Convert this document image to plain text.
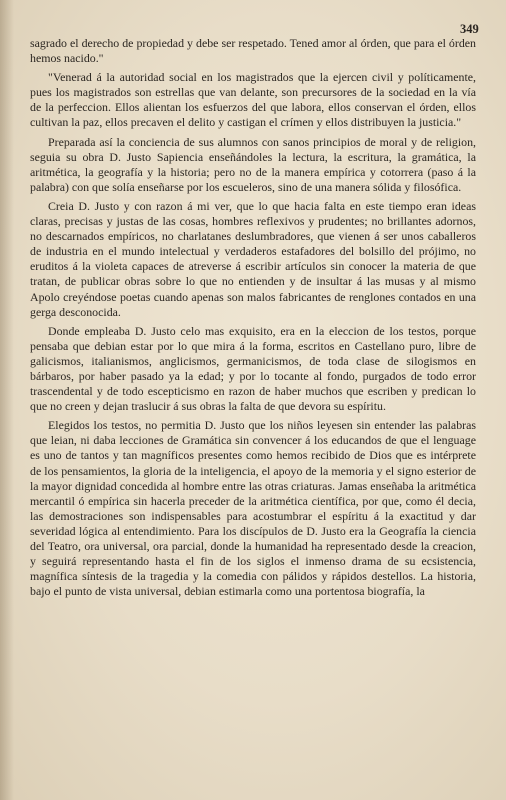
349

sagrado el derecho de propiedad y debe ser respetado. Tened amor al órden, que para el órden hemos nacido."

"Venerad á la autoridad social en los magistrados que la ejercen civil y políticamente, pues los magistrados son estrellas que van delante, son precursores de la sociedad en la vía de la perfeccion. Ellos alientan los esfuerzos del que labora, ellos conservan el órden, ellos cultivan la paz, ellos precaven el delito y castigan el crímen y ellos distribuyen la justicia."

Preparada así la conciencia de sus alumnos con sanos principios de moral y de religion, seguia su obra D. Justo Sapiencia enseñándoles la lectura, la escritura, la gramática, la aritmética, la geografía y la historia; pero no de la manera empírica y cotorrera (paso á la palabra) con que solía enseñarse por los escueleros, sino de una manera sólida y filosófica.

Creia D. Justo y con razon á mi ver, que lo que hacia falta en este tiempo eran ideas claras, precisas y justas de las cosas, hombres reflexivos y prudentes; no brillantes adornos, no descarnados empíricos, no charlatanes deslumbradores, que vienen á ser unos caballeros de industria en el mundo intelectual y verdaderos estafadores del bolsillo del prójimo, no eruditos á la violeta capaces de atreverse á escribir artículos sin conocer la materia de que tratan, de publicar obras sobre lo que no entienden y de insultar á las musas y al mismo Apolo creyéndose poetas cuando apenas son malos fabricantes de renglones contados en una gerga desconocida.

Donde empleaba D. Justo celo mas exquisito, era en la eleccion de los testos, porque pensaba que debian estar por lo que mira á la forma, escritos en Castellano puro, libre de galicismos, italianismos, anglicismos, germanicismos, de toda clase de silogismos en bárbaros, por haber pasado ya la edad; y por lo tocante al fondo, purgados de todo error trascendental y de todo escepticismo en razon de haber muchos que escriben y predican lo que no creen y dejan traslucir á sus obras la falta de que devora su espíritu.

Elegidos los testos, no permitia D. Justo que los niños leyesen sin entender las palabras que leian, ni daba lecciones de Gramática sin convencer á los educandos de que el lenguage es uno de tantos y tan magníficos presentes como hemos recibido de Dios que es intérprete de los pensamientos, la gloria de la inteligencia, el apoyo de la memoria y el signo esterior de la mayor dignidad concedida al hombre entre las otras criaturas. Jamas enseñaba la aritmética mercantil ó empírica sin hacerla preceder de la aritmética científica, por que, como él decia, las demostraciones son indispensables para acostumbrar el espíritu á la exactitud y dar severidad lógica al entendimiento. Para los discípulos de D. Justo era la Geografía la ciencia del Teatro, ora universal, ora parcial, donde la humanidad ha representado desde la creacion, y seguirá representando hasta el fin de los siglos el inmenso drama de su ecsistencia, magnífica síntesis de la tragedia y la comedia con pálidos y rápidos destellos. La historia, bajo el punto de vista universal, debian estimarla como una portentosa biografía, la
